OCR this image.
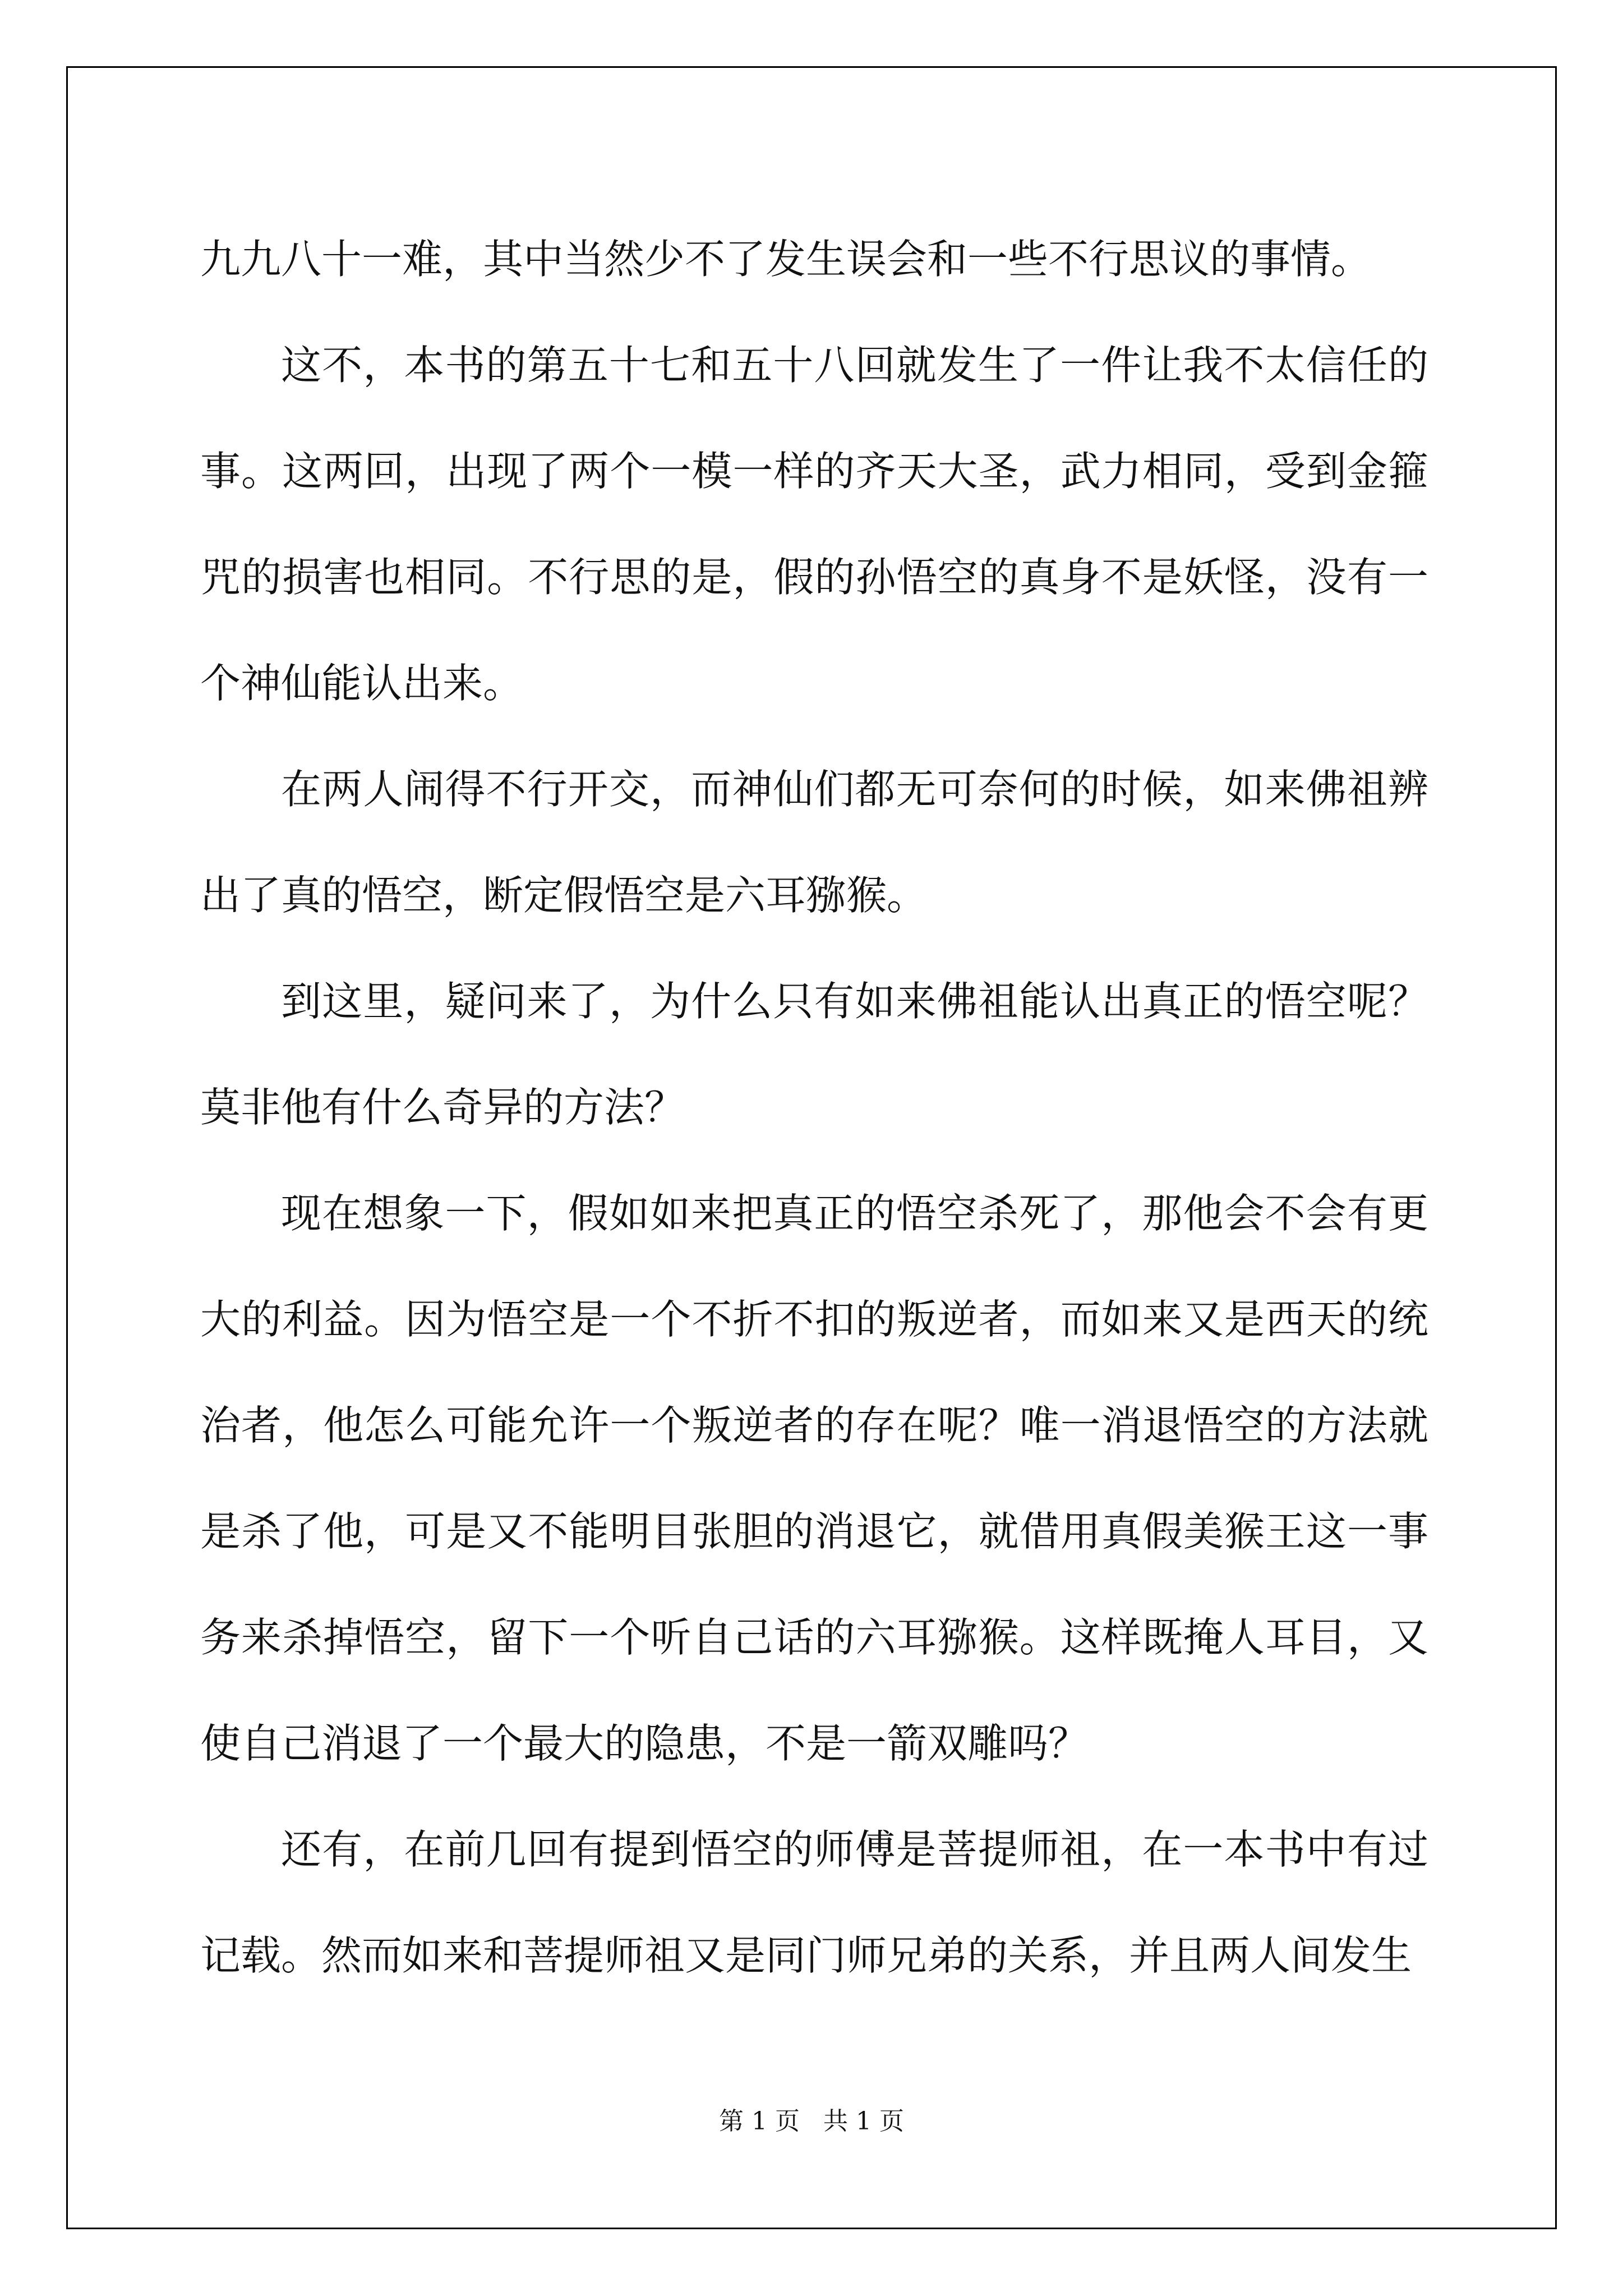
九九八十一难，其中当然少不了发生误会和一些不行思议的事情。

这不，本书的第五十七和五十八回就发生了一件让我不太信任的事。这两回，出现了两个一模一样的齐天大圣，武力相同，受到金箍咒的损害也相同。不行思的是，假的孙悟空的真身不是妖怪，没有一个神仙能认出来。

在两人闹得不行开交，而神仙们都无可奈何的时候，如来佛祖辨出了真的悟空，断定假悟空是六耳猕猴。

到这里，疑问来了，为什么只有如来佛祖能认出真正的悟空呢？莫非他有什么奇异的方法？

现在想象一下，假如如来把真正的悟空杀死了，那他会不会有更大的利益。因为悟空是一个不折不扣的叛逆者，而如来又是西天的统治者，他怎么可能允许一个叛逆者的存在呢？唯一消退悟空的方法就是杀了他，可是又不能明目张胆的消退它，就借用真假美猴王这一事务来杀掉悟空，留下一个听自己话的六耳猕猴。这样既掩人耳目，又使自己消退了一个最大的隐患，不是一箭双雕吗？

还有，在前几回有提到悟空的师傅是菩提师祖，在一本书中有过记载。然而如来和菩提师祖又是同门师兄弟的关系，并且两人间发生

第 1 页   共 1 页
